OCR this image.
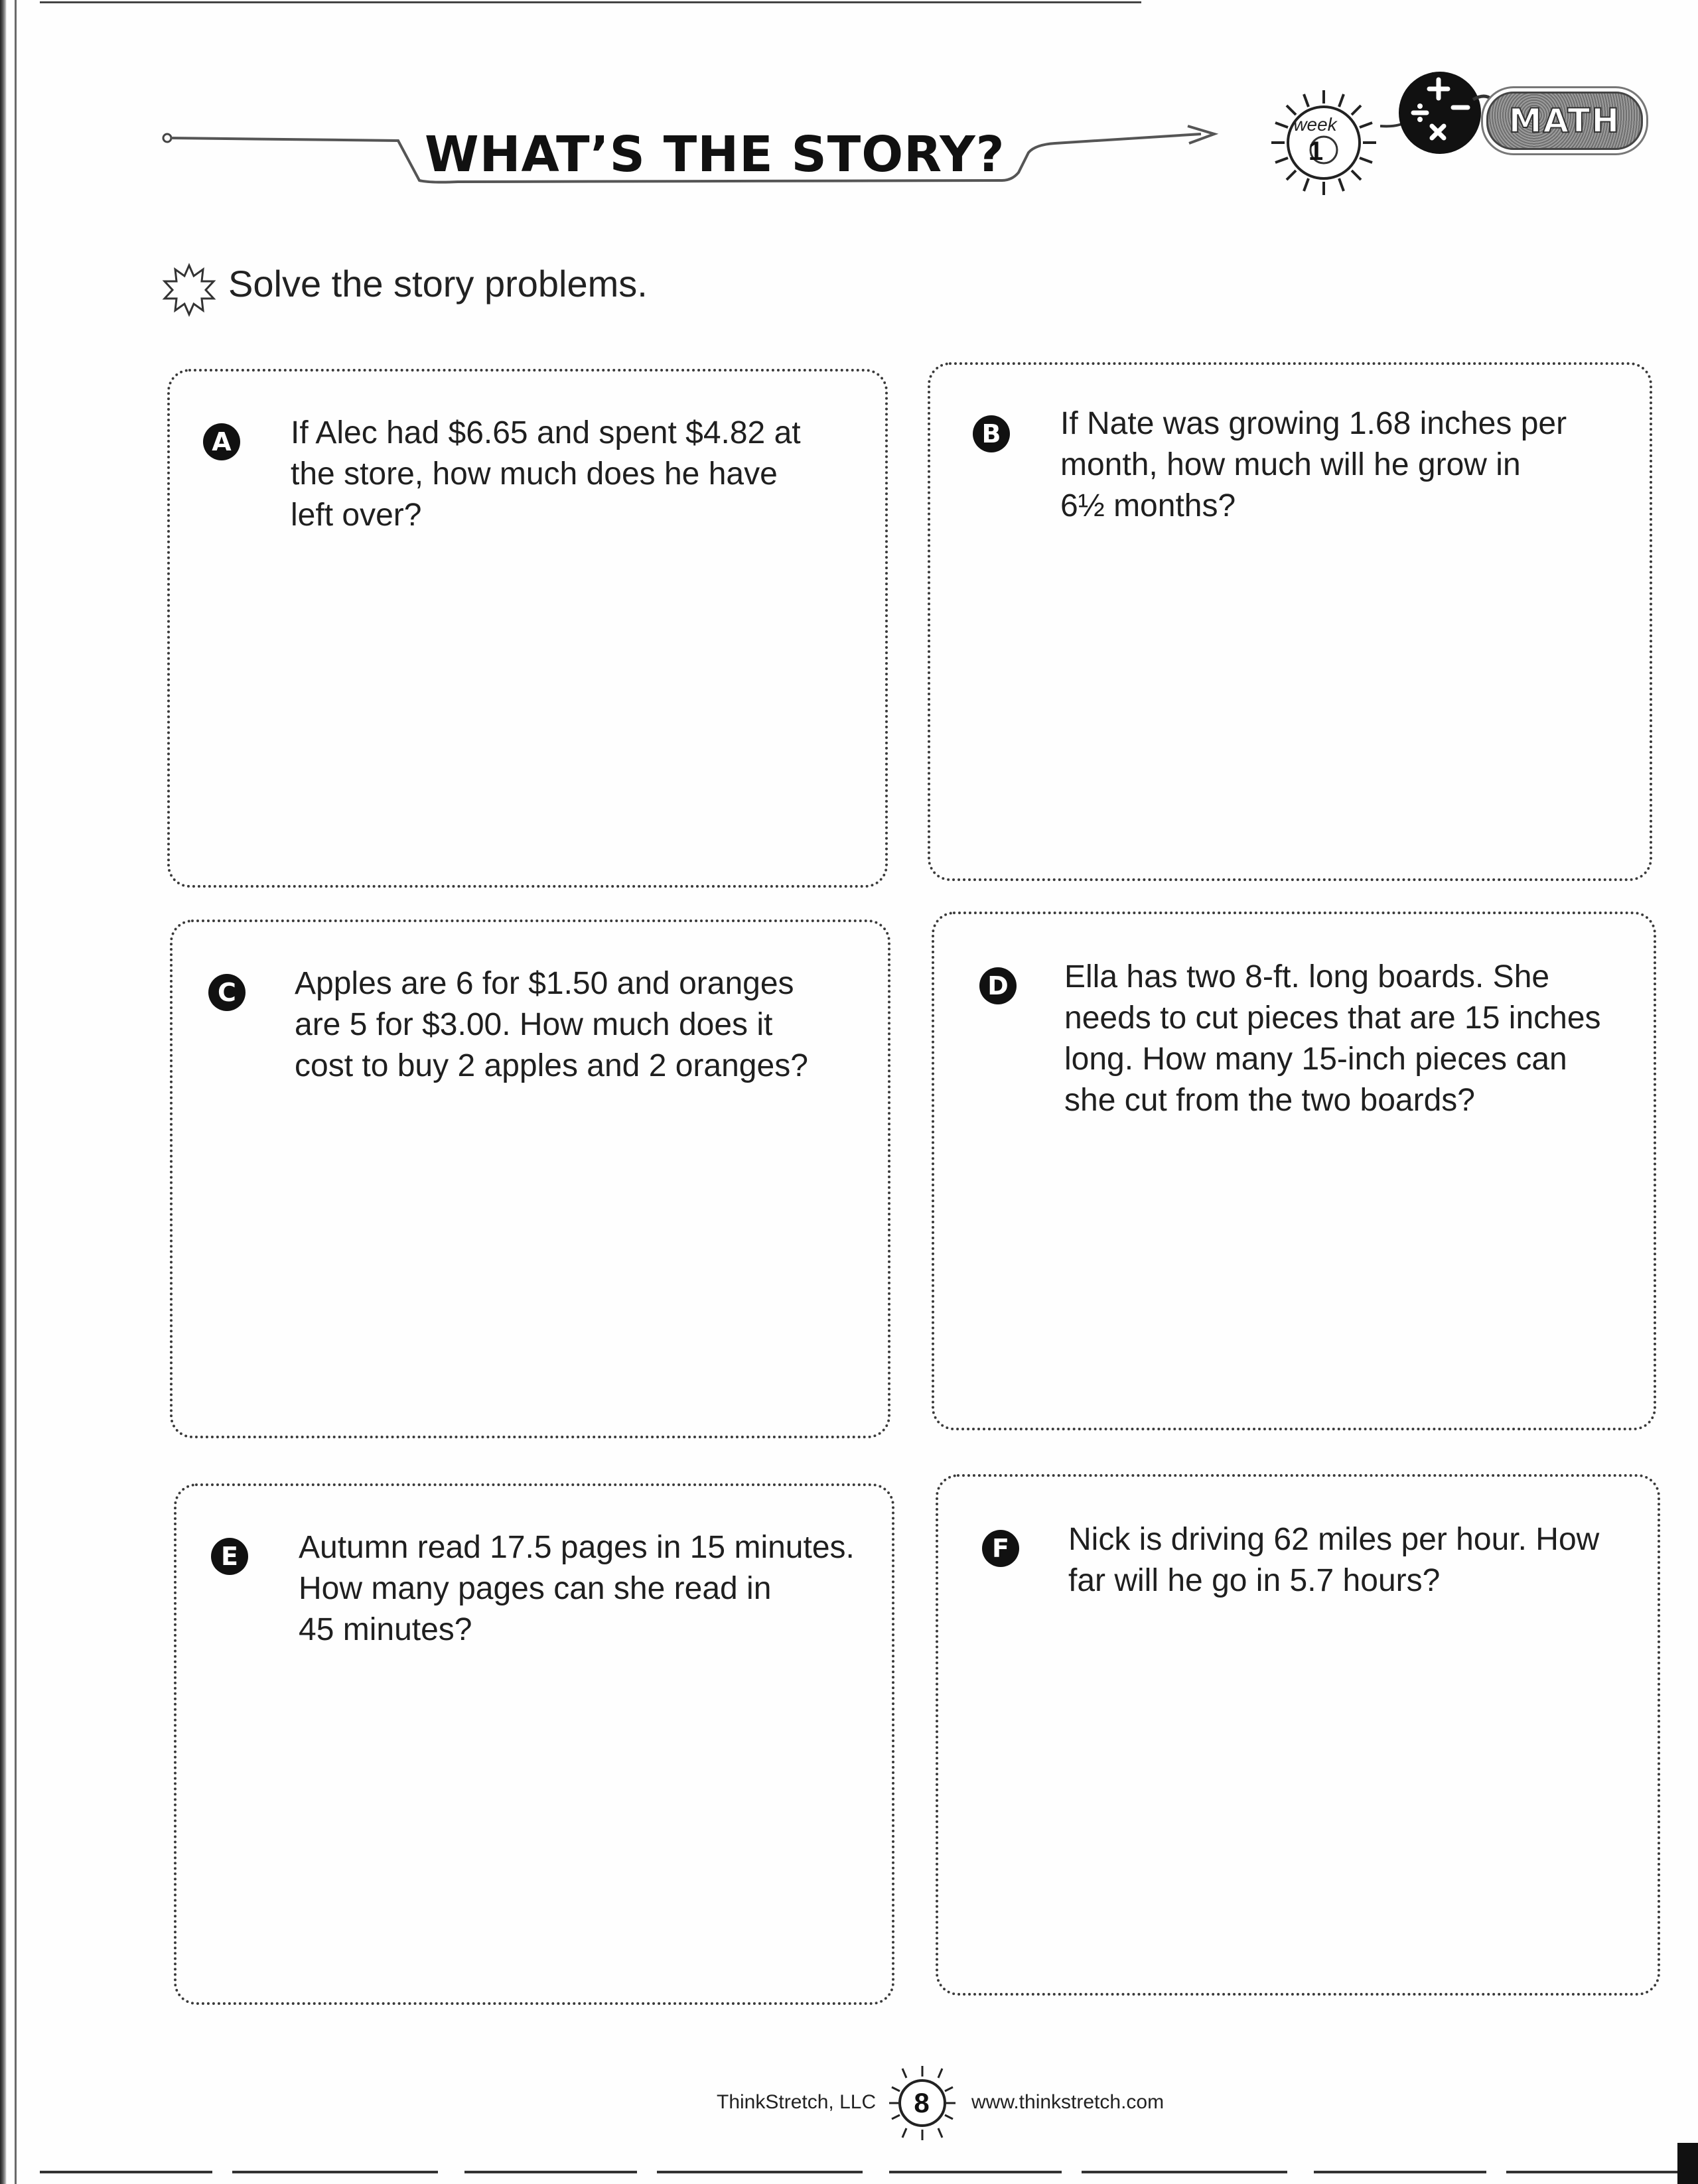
WHAT’S THE STORY?
week
1
MATH
Solve the story problems.
A If Alec had $6.65 and spent $4.82 at
the store, how much does he have
left over?
B If Nate was growing 1.68 inches per
month, how much will he grow in
6½ months?
C Apples are 6 for $1.50 and oranges
are 5 for $3.00. How much does it
cost to buy 2 apples and 2 oranges?
D Ella has two 8-ft. long boards. She
needs to cut pieces that are 15 inches
long. How many 15-inch pieces can
she cut from the two boards?
E	Autumn read 17.5 pages in 15 minutes.
How many pages can she read in
45 minutes?
F	Nick is driving 62 miles per hour. How
far will he go in 5.7 hours?
ThinkStretch, LLC	8	www.thinkstretch.com
